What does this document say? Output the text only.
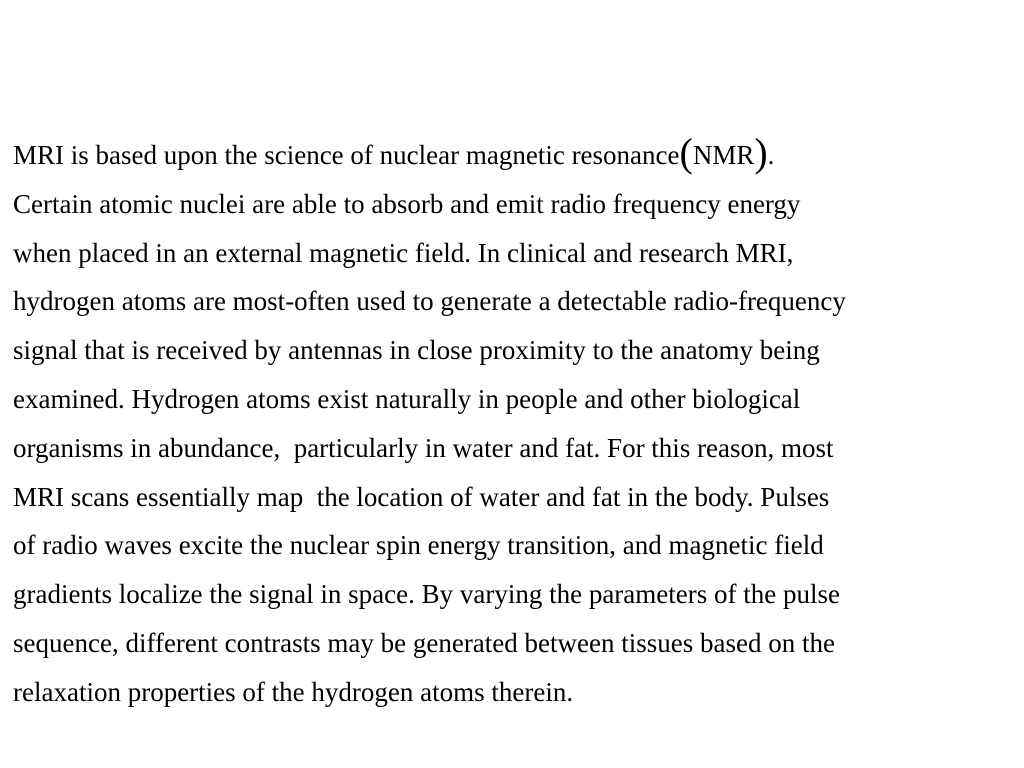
MRI is based upon the science of nuclear magnetic resonance(NMR).
Certain atomic nuclei are able to absorb and emit radio frequency energy
when placed in an external magnetic field. In clinical and research MRI,
hydrogen atoms are most-often used to generate a detectable radio-frequency
signal that is received by antennas in close proximity to the anatomy being
examined. Hydrogen atoms exist naturally in people and other biological
organisms in abundance,  particularly in water and fat. For this reason, most
MRI scans essentially map  the location of water and fat in the body. Pulses
of radio waves excite the nuclear spin energy transition, and magnetic field
gradients localize the signal in space. By varying the parameters of the pulse
sequence, different contrasts may be generated between tissues based on the
relaxation properties of the hydrogen atoms therein.
